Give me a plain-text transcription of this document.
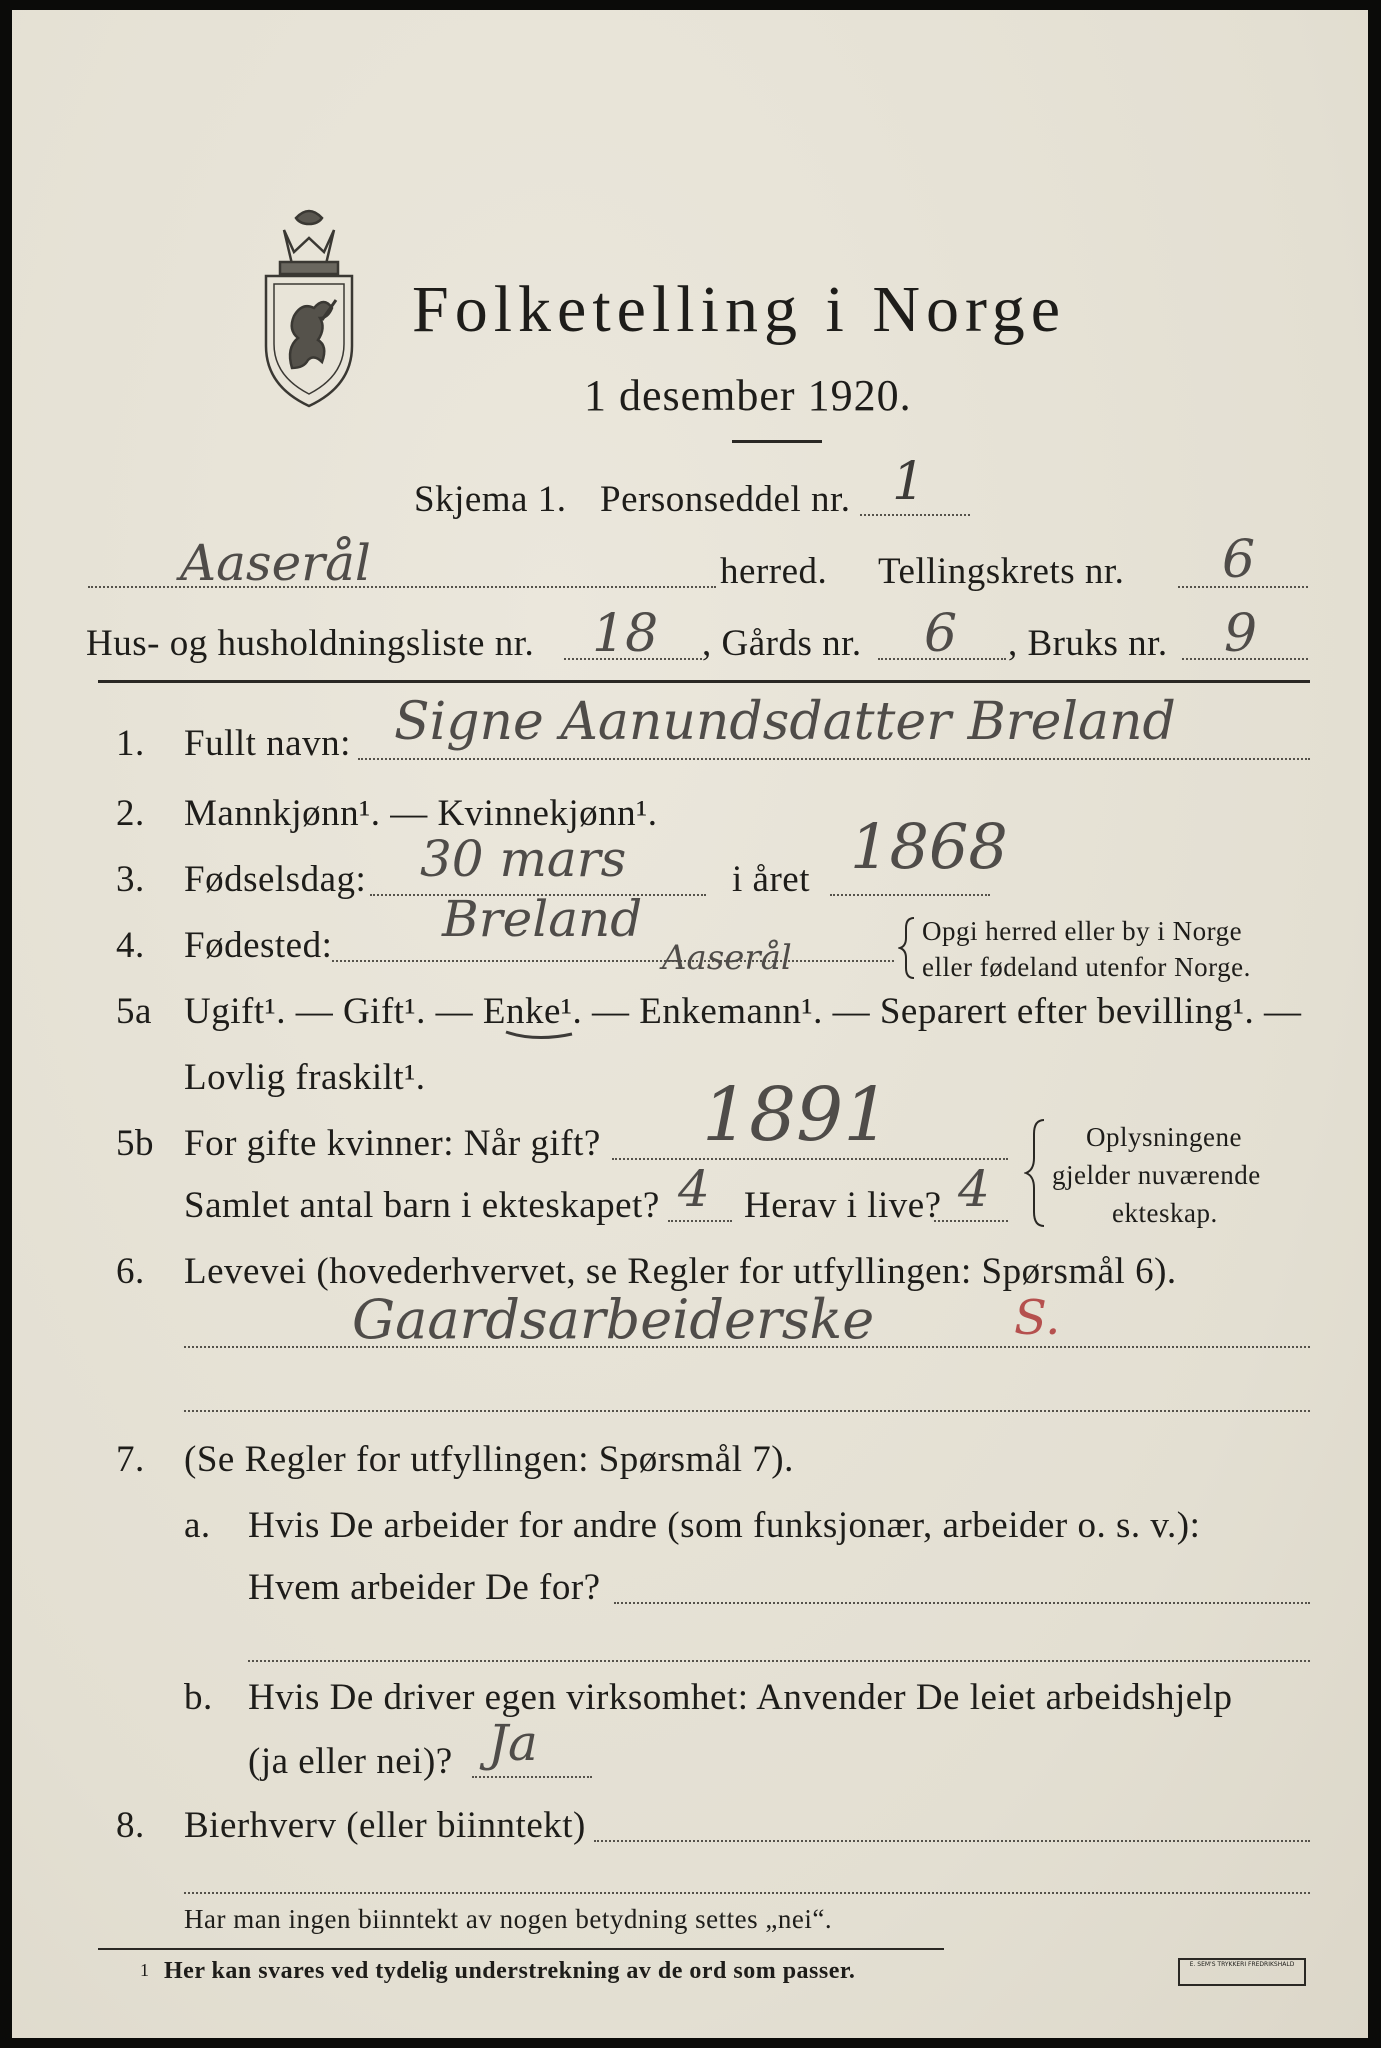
Folketelling i Norge
1 desember 1920.
Skjema 1. Personseddel nr. 1
Aaserål	herred. Tellingskrets nr. 6
Hus- og husholdningsliste nr. 18 , Gårds nr. 6 , Bruks nr. 9
1. Fullt navn: Signe Aanundsdatter Breland
2. Mannkjønn¹. — Kvinnekjønn¹.
3. Fødselsdag: 30 mars	i året 1868
4. Fødested: Breland
Aaserål
Opgi herred eller by i Norge
eller fødeland utenfor Norge.
5a Ugift¹. — Gift¹. — Enke¹. — Enkemann¹. — Separert efter bevilling¹. —
Lovlig fraskilt¹.
5b For gifte kvinner: Når gift? 1891
Samlet antal barn i ekteskapet? 4 Herav i live? 4
Oplysningene
gjelder nuværende
ekteskap.
6. Levevei (hovederhvervet, se Regler for utfyllingen: Spørsmål 6).
Gaardsarbeiderske	S.
7. (Se Regler for utfyllingen: Spørsmål 7).
a. Hvis De arbeider for andre (som funksjonær, arbeider o. s. v.):
Hvem arbeider De for?
b. Hvis De driver egen virksomhet: Anvender De leiet arbeidshjelp
(ja eller nei)? Ja
8. Bierhverv (eller biinntekt)
Har man ingen biinntekt av nogen betydning settes „nei“.
1 Her kan svares ved tydelig understrekning av de ord som passer.	E. SEM'S TRYKKERI FREDRIKSHALD
